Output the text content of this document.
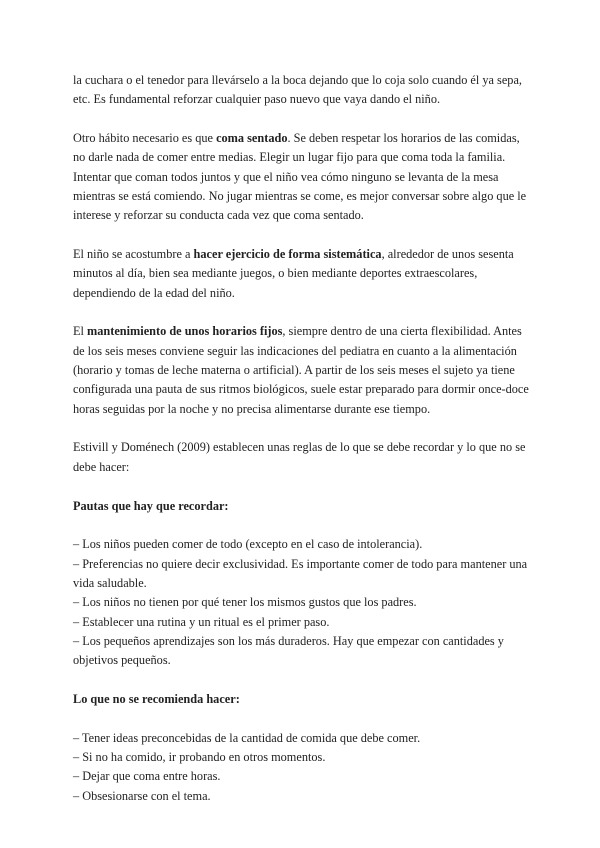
la cuchara o el tenedor para llevárselo a la boca dejando que lo coja solo cuando él ya sepa, etc. Es fundamental reforzar cualquier paso nuevo que vaya dando el niño.

Otro hábito necesario es que coma sentado. Se deben respetar los horarios de las comidas, no darle nada de comer entre medias. Elegir un lugar fijo para que coma toda la familia. Intentar que coman todos juntos y que el niño vea cómo ninguno se levanta de la mesa mientras se está comiendo. No jugar mientras se come, es mejor conversar sobre algo que le interese y reforzar su conducta cada vez que coma sentado.

El niño se acostumbre a hacer ejercicio de forma sistemática, alrededor de unos sesenta minutos al día, bien sea mediante juegos, o bien mediante deportes extraescolares, dependiendo de la edad del niño.

El mantenimiento de unos horarios fijos, siempre dentro de una cierta flexibilidad. Antes de los seis meses conviene seguir las indicaciones del pediatra en cuanto a la alimentación (horario y tomas de leche materna o artificial). A partir de los seis meses el sujeto ya tiene configurada una pauta de sus ritmos biológicos, suele estar preparado para dormir once-doce horas seguidas por la noche y no precisa alimentarse durante ese tiempo.

Estivill y Doménech (2009) establecen unas reglas de lo que se debe recordar y lo que no se debe hacer:

Pautas que hay que recordar:

– Los niños pueden comer de todo (excepto en el caso de intolerancia).
– Preferencias no quiere decir exclusividad. Es importante comer de todo para mantener una vida saludable.
– Los niños no tienen por qué tener los mismos gustos que los padres.
– Establecer una rutina y un ritual es el primer paso.
– Los pequeños aprendizajes son los más duraderos. Hay que empezar con cantidades y objetivos pequeños.

Lo que no se recomienda hacer:

– Tener ideas preconcebidas de la cantidad de comida que debe comer.
– Si no ha comido, ir probando en otros momentos.
– Dejar que coma entre horas.
– Obsesionarse con el tema.
